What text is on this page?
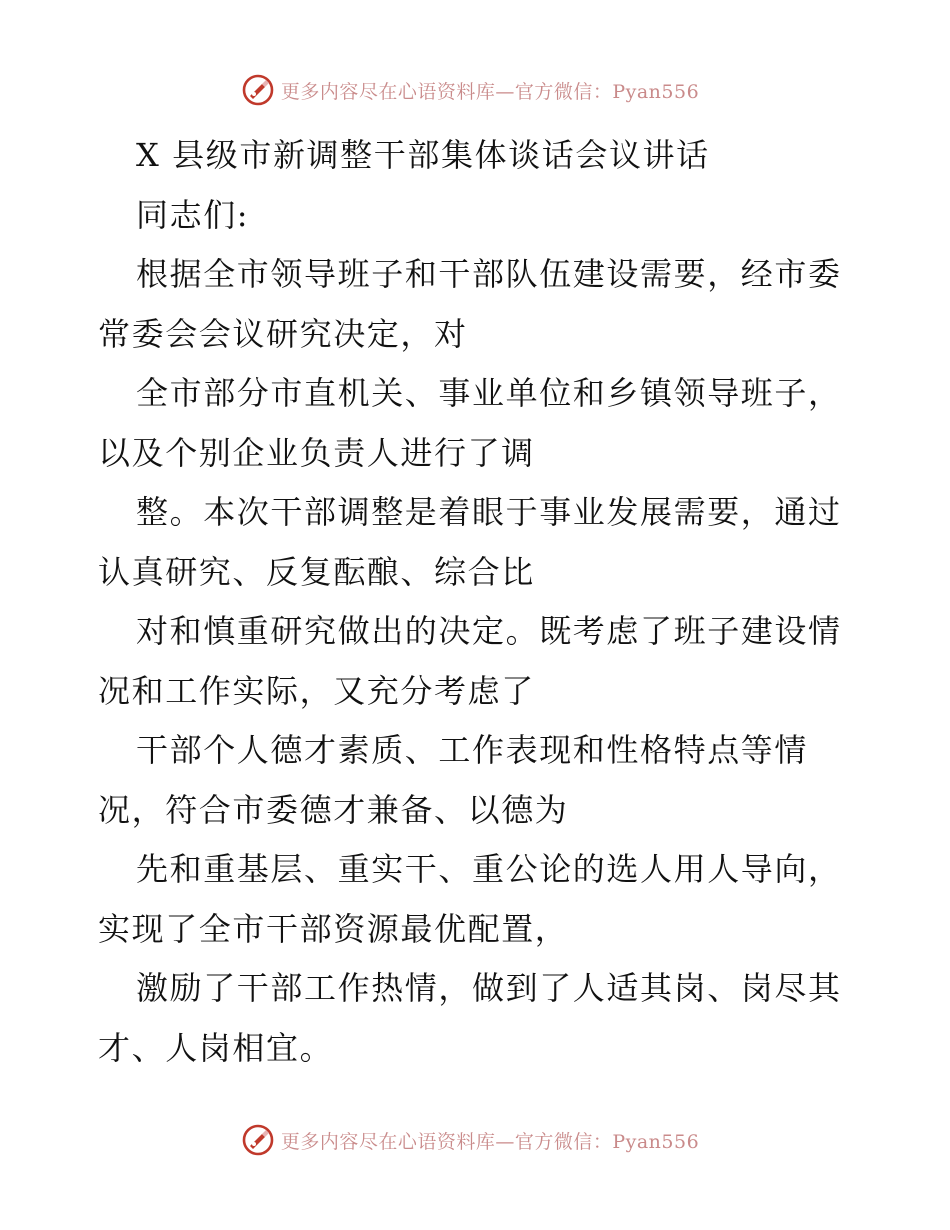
更多内容尽在心语资料库—官方微信：Pyan556
X 县级市新调整干部集体谈话会议讲话
同志们:
根据全市领导班子和干部队伍建设需要，经市委
常委会会议研究决定，对
全市部分市直机关、事业单位和乡镇领导班子，
以及个别企业负责人进行了调
整。本次干部调整是着眼于事业发展需要，通过
认真研究、反复酝酿、综合比
对和慎重研究做出的决定。既考虑了班子建设情
况和工作实际，又充分考虑了
干部个人德才素质、工作表现和性格特点等情
况，符合市委德才兼备、以德为
先和重基层、重实干、重公论的选人用人导向，
实现了全市干部资源最优配置，
激励了干部工作热情，做到了人适其岗、岗尽其
才、人岗相宜。
更多内容尽在心语资料库—官方微信：Pyan556
